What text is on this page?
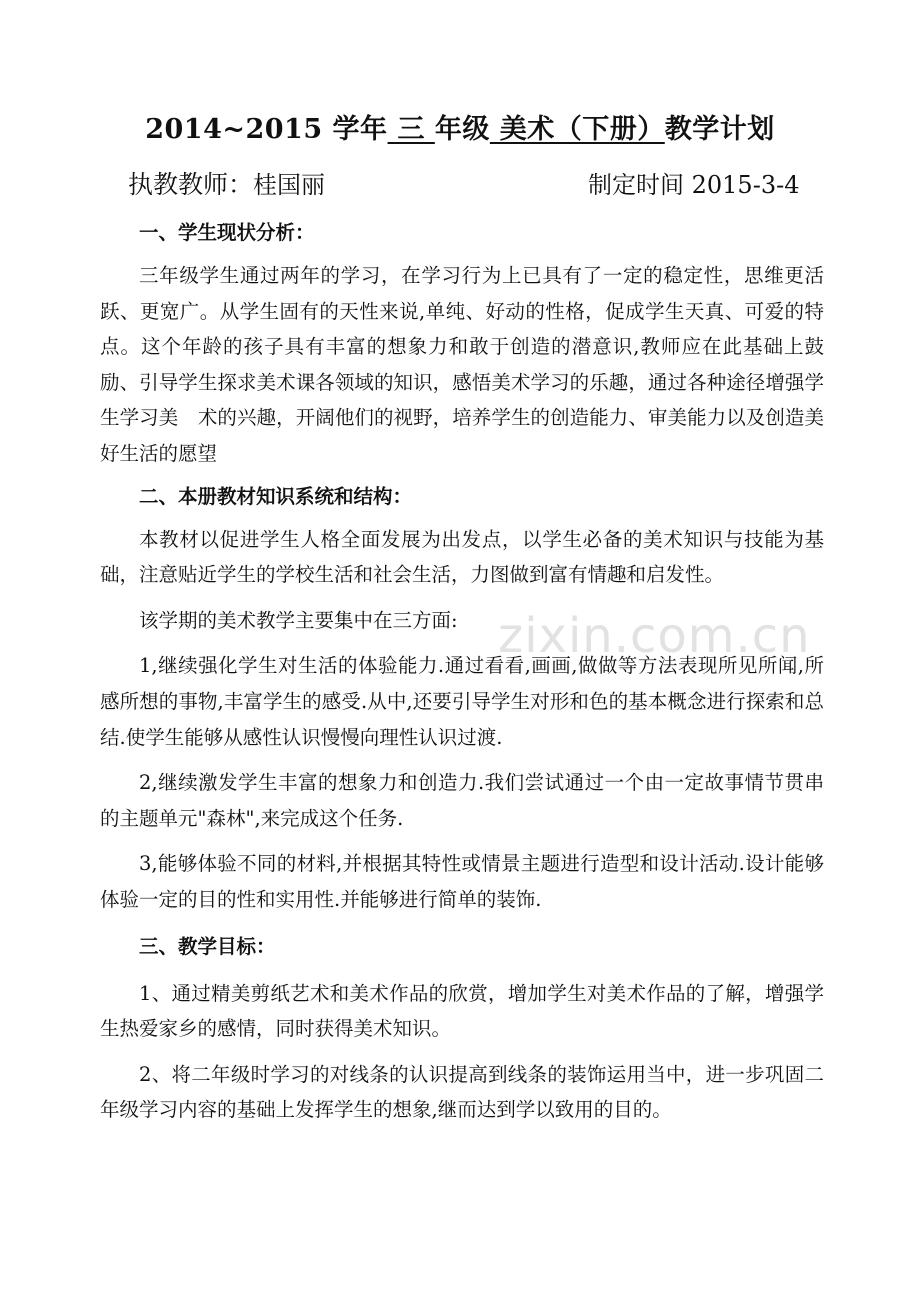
2014~2015 学年 三 年级 美术（下册）教学计划
执教教师：桂国丽	制定时间 2015-3-4
一、学生现状分析：

三年级学生通过两年的学习，在学习行为上已具有了一定的稳定性，思维更活跃、更宽广。从学生固有的天性来说,单纯、好动的性格，促成学生天真、可爱的特点。这个年龄的孩子具有丰富的想象力和敢于创造的潜意识,教师应在此基础上鼓励、引导学生探求美术课各领域的知识，感悟美术学习的乐趣，通过各种途径增强学生学习美　术的兴趣，开阔他们的视野，培养学生的创造能力、审美能力以及创造美好生活的愿望

二、本册教材知识系统和结构：

本教材以促进学生人格全面发展为出发点，以学生必备的美术知识与技能为基础，注意贴近学生的学校生活和社会生活，力图做到富有情趣和启发性。

该学期的美术教学主要集中在三方面:

1,继续强化学生对生活的体验能力.通过看看,画画,做做等方法表现所见所闻,所感所想的事物,丰富学生的感受.从中,还要引导学生对形和色的基本概念进行探索和总结.使学生能够从感性认识慢慢向理性认识过渡.

2,继续激发学生丰富的想象力和创造力.我们尝试通过一个由一定故事情节贯串的主题单元"森林",来完成这个任务.

3,能够体验不同的材料,并根据其特性或情景主题进行造型和设计活动.设计能够体验一定的目的性和实用性.并能够进行简单的装饰.

三、教学目标：

1、通过精美剪纸艺术和美术作品的欣赏，增加学生对美术作品的了解，增强学生热爱家乡的感情，同时获得美术知识。

2、将二年级时学习的对线条的认识提高到线条的装饰运用当中，进一步巩固二年级学习内容的基础上发挥学生的想象,继而达到学以致用的目的。

zixin.com.cn
